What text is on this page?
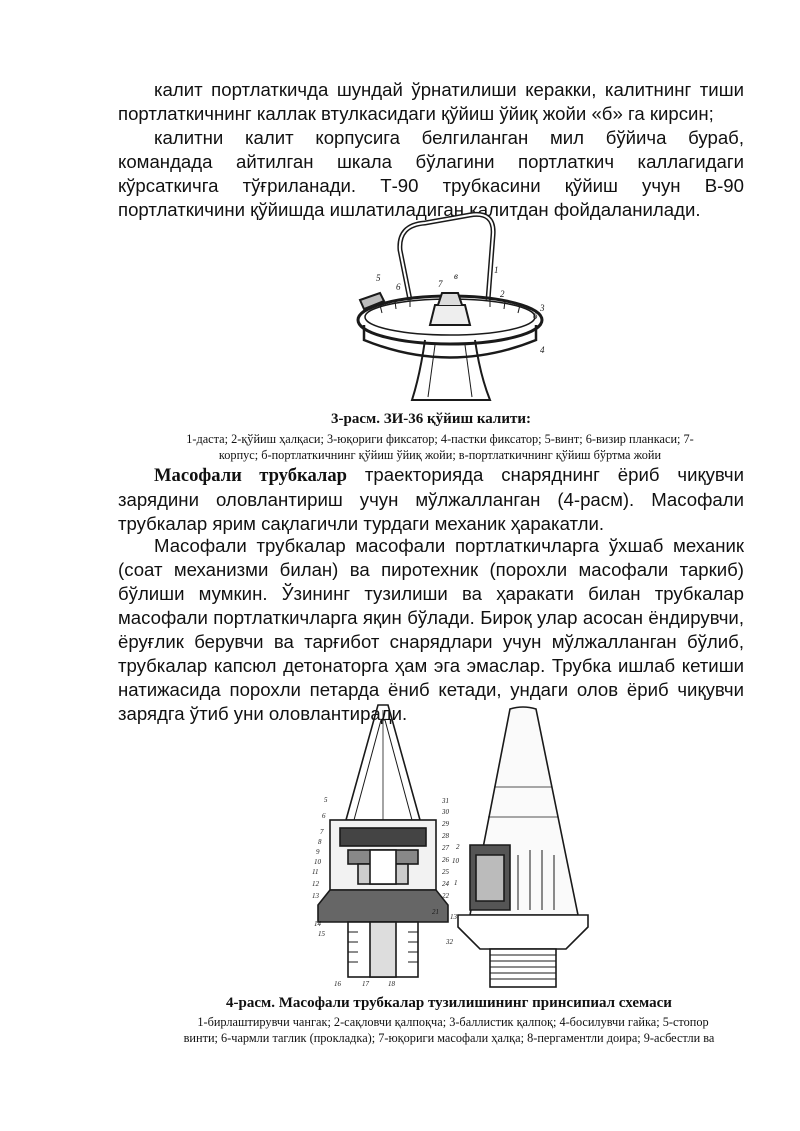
калит портлаткичда шундай ўрнатилиши керакки, калитнинг тиши портлаткичнинг каллак втулкасидаги қўйиш ўйиқ жойи «б» га кирсин;

калитни калит корпусига белгиланган мил бўйича бураб, командада айтилган шкала бўлагини портлаткич каллагидаги кўрсаткичга тўғриланади. Т-90 трубкасини қўйиш учун В-90 портлаткичини қўйишда ишлатиладиган калитдан фойдаланилади.

1
2
3
4
5
6	7
б
в
3-расм. ЗИ-36 қўйиш калити:
1-даста; 2-қўйиш ҳалқаси; 3-юқориги фиксатор; 4-пастки фиксатор; 5-винт; 6-визир планкаси; 7-
корпус; б-портлаткичнинг қўйиш ўйиқ жойи; в-портлаткичнинг қўйиш бўртма жойи

Масофали трубкалар траекторияда снаряднинг ёриб чиқувчи зарядини оловлантириш учун мўлжалланган (4-расм). Масофали трубкалар ярим сақлагичли турдаги механик ҳаракатли.

Масофали трубкалар масофали портлаткичларга ўхшаб механик (соат механизми билан) ва пиротехник (порохли масофали таркиб) бўлиши мумкин. Ўзининг тузилиши ва ҳаракати билан трубкалар масофали портлаткичларга яқин бўлади. Бироқ улар асосан ёндирувчи, ёруғлик берувчи ва тарғибот снарядлари учун мўлжалланган бўлиб, трубкалар капсюл детонаторга ҳам эга эмаслар. Трубка ишлаб кетиши натижасида порохли петарда ёниб кетади, ундаги олов ёриб чиқувчи зарядга ўтиб уни оловлантиради.

5
6
7
8
9
10
11
12
13
14
15
16	17	18
32
31
30
29
28
27
26
25
24
22
21
2
10
1
13
4-расм. Масофали трубкалар тузилишининг принсипиал схемаси
1-бирлаштирувчи чангак; 2-сақловчи қалпоқча; 3-баллистик қалпоқ; 4-босилувчи гайка; 5-стопор
винти; 6-чармли таглик (прокладка); 7-юқориги масофали ҳалқа; 8-пергаментли доира; 9-асбестли ва
